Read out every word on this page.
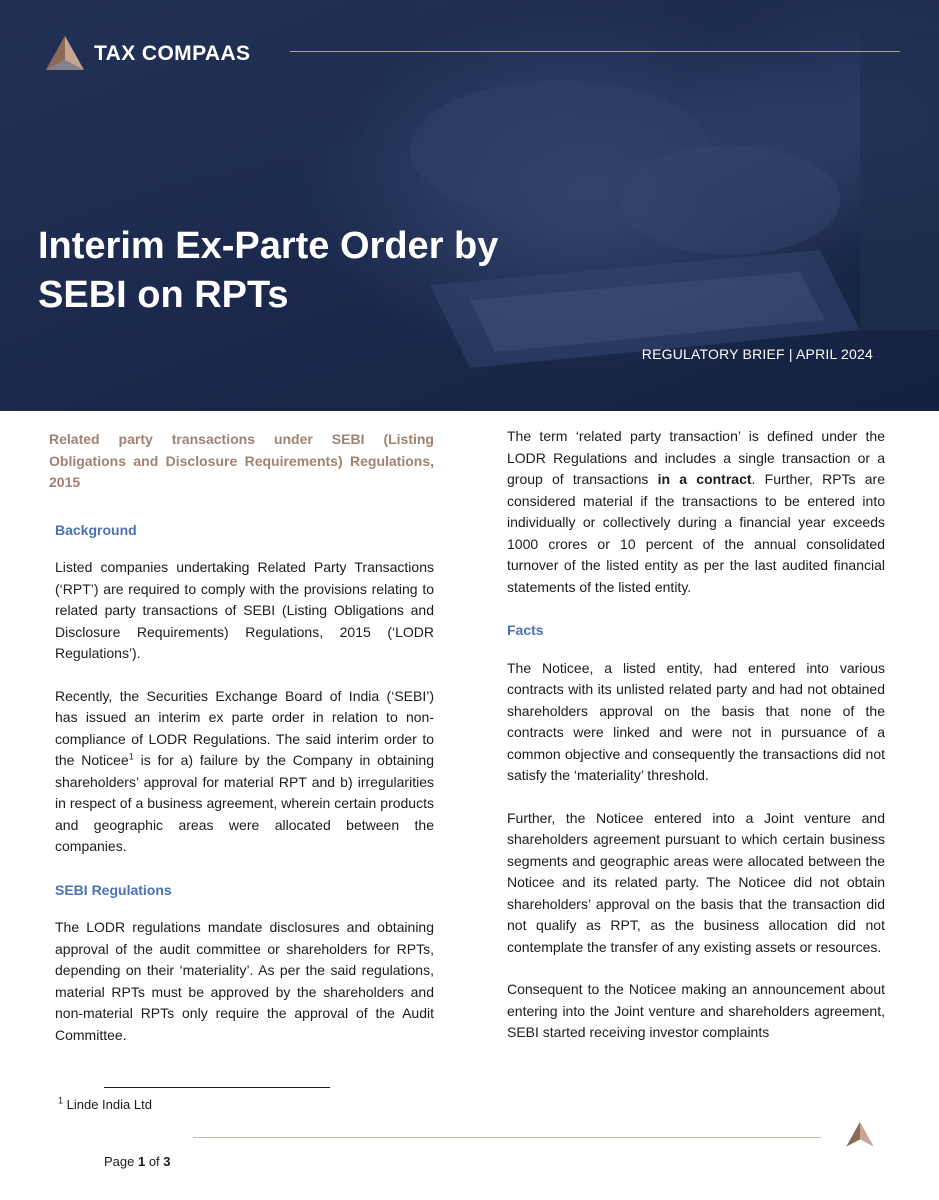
TAX COMPAAS
Interim Ex-Parte Order by
SEBI on RPTs
REGULATORY BRIEF | APRIL 2024

Related party transactions under SEBI (Listing Obligations and Disclosure Requirements) Regulations, 2015

Background

Listed companies undertaking Related Party Transactions (‘RPT’) are required to comply with the provisions relating to related party transactions of SEBI (Listing Obligations and Disclosure Requirements) Regulations, 2015 (‘LODR Regulations’).

Recently, the Securities Exchange Board of India (‘SEBI’) has issued an interim ex parte order in relation to non-compliance of LODR Regulations. The said interim order to the Noticee$^1$ is for a) failure by the Company in obtaining shareholders’ approval for material RPT and b) irregularities in respect of a business agreement, wherein certain products and geographic areas were allocated between the companies.

SEBI Regulations

The LODR regulations mandate disclosures and obtaining approval of the audit committee or shareholders for RPTs, depending on their ‘materiality’. As per the said regulations, material RPTs must be approved by the shareholders and non-material RPTs only require the approval of the Audit Committee.

The term ‘related party transaction’ is defined under the LODR Regulations and includes a single transaction or a group of transactions in a contract. Further, RPTs are considered material if the transactions to be entered into individually or collectively during a financial year exceeds 1000 crores or 10 percent of the annual consolidated turnover of the listed entity as per the last audited financial statements of the listed entity.

Facts

The Noticee, a listed entity, had entered into various contracts with its unlisted related party and had not obtained shareholders approval on the basis that none of the contracts were linked and were not in pursuance of a common objective and consequently the transactions did not satisfy the ‘materiality’ threshold.

Further, the Noticee entered into a Joint venture and shareholders agreement pursuant to which certain business segments and geographic areas were allocated between the Noticee and its related party. The Noticee did not obtain shareholders’ approval on the basis that the transaction did not qualify as RPT, as the business allocation did not contemplate the transfer of any existing assets or resources.

Consequent to the Noticee making an announcement about entering into the Joint venture and shareholders agreement, SEBI started receiving investor complaints

$^1$ Linde India Ltd
Page 1 of 3
